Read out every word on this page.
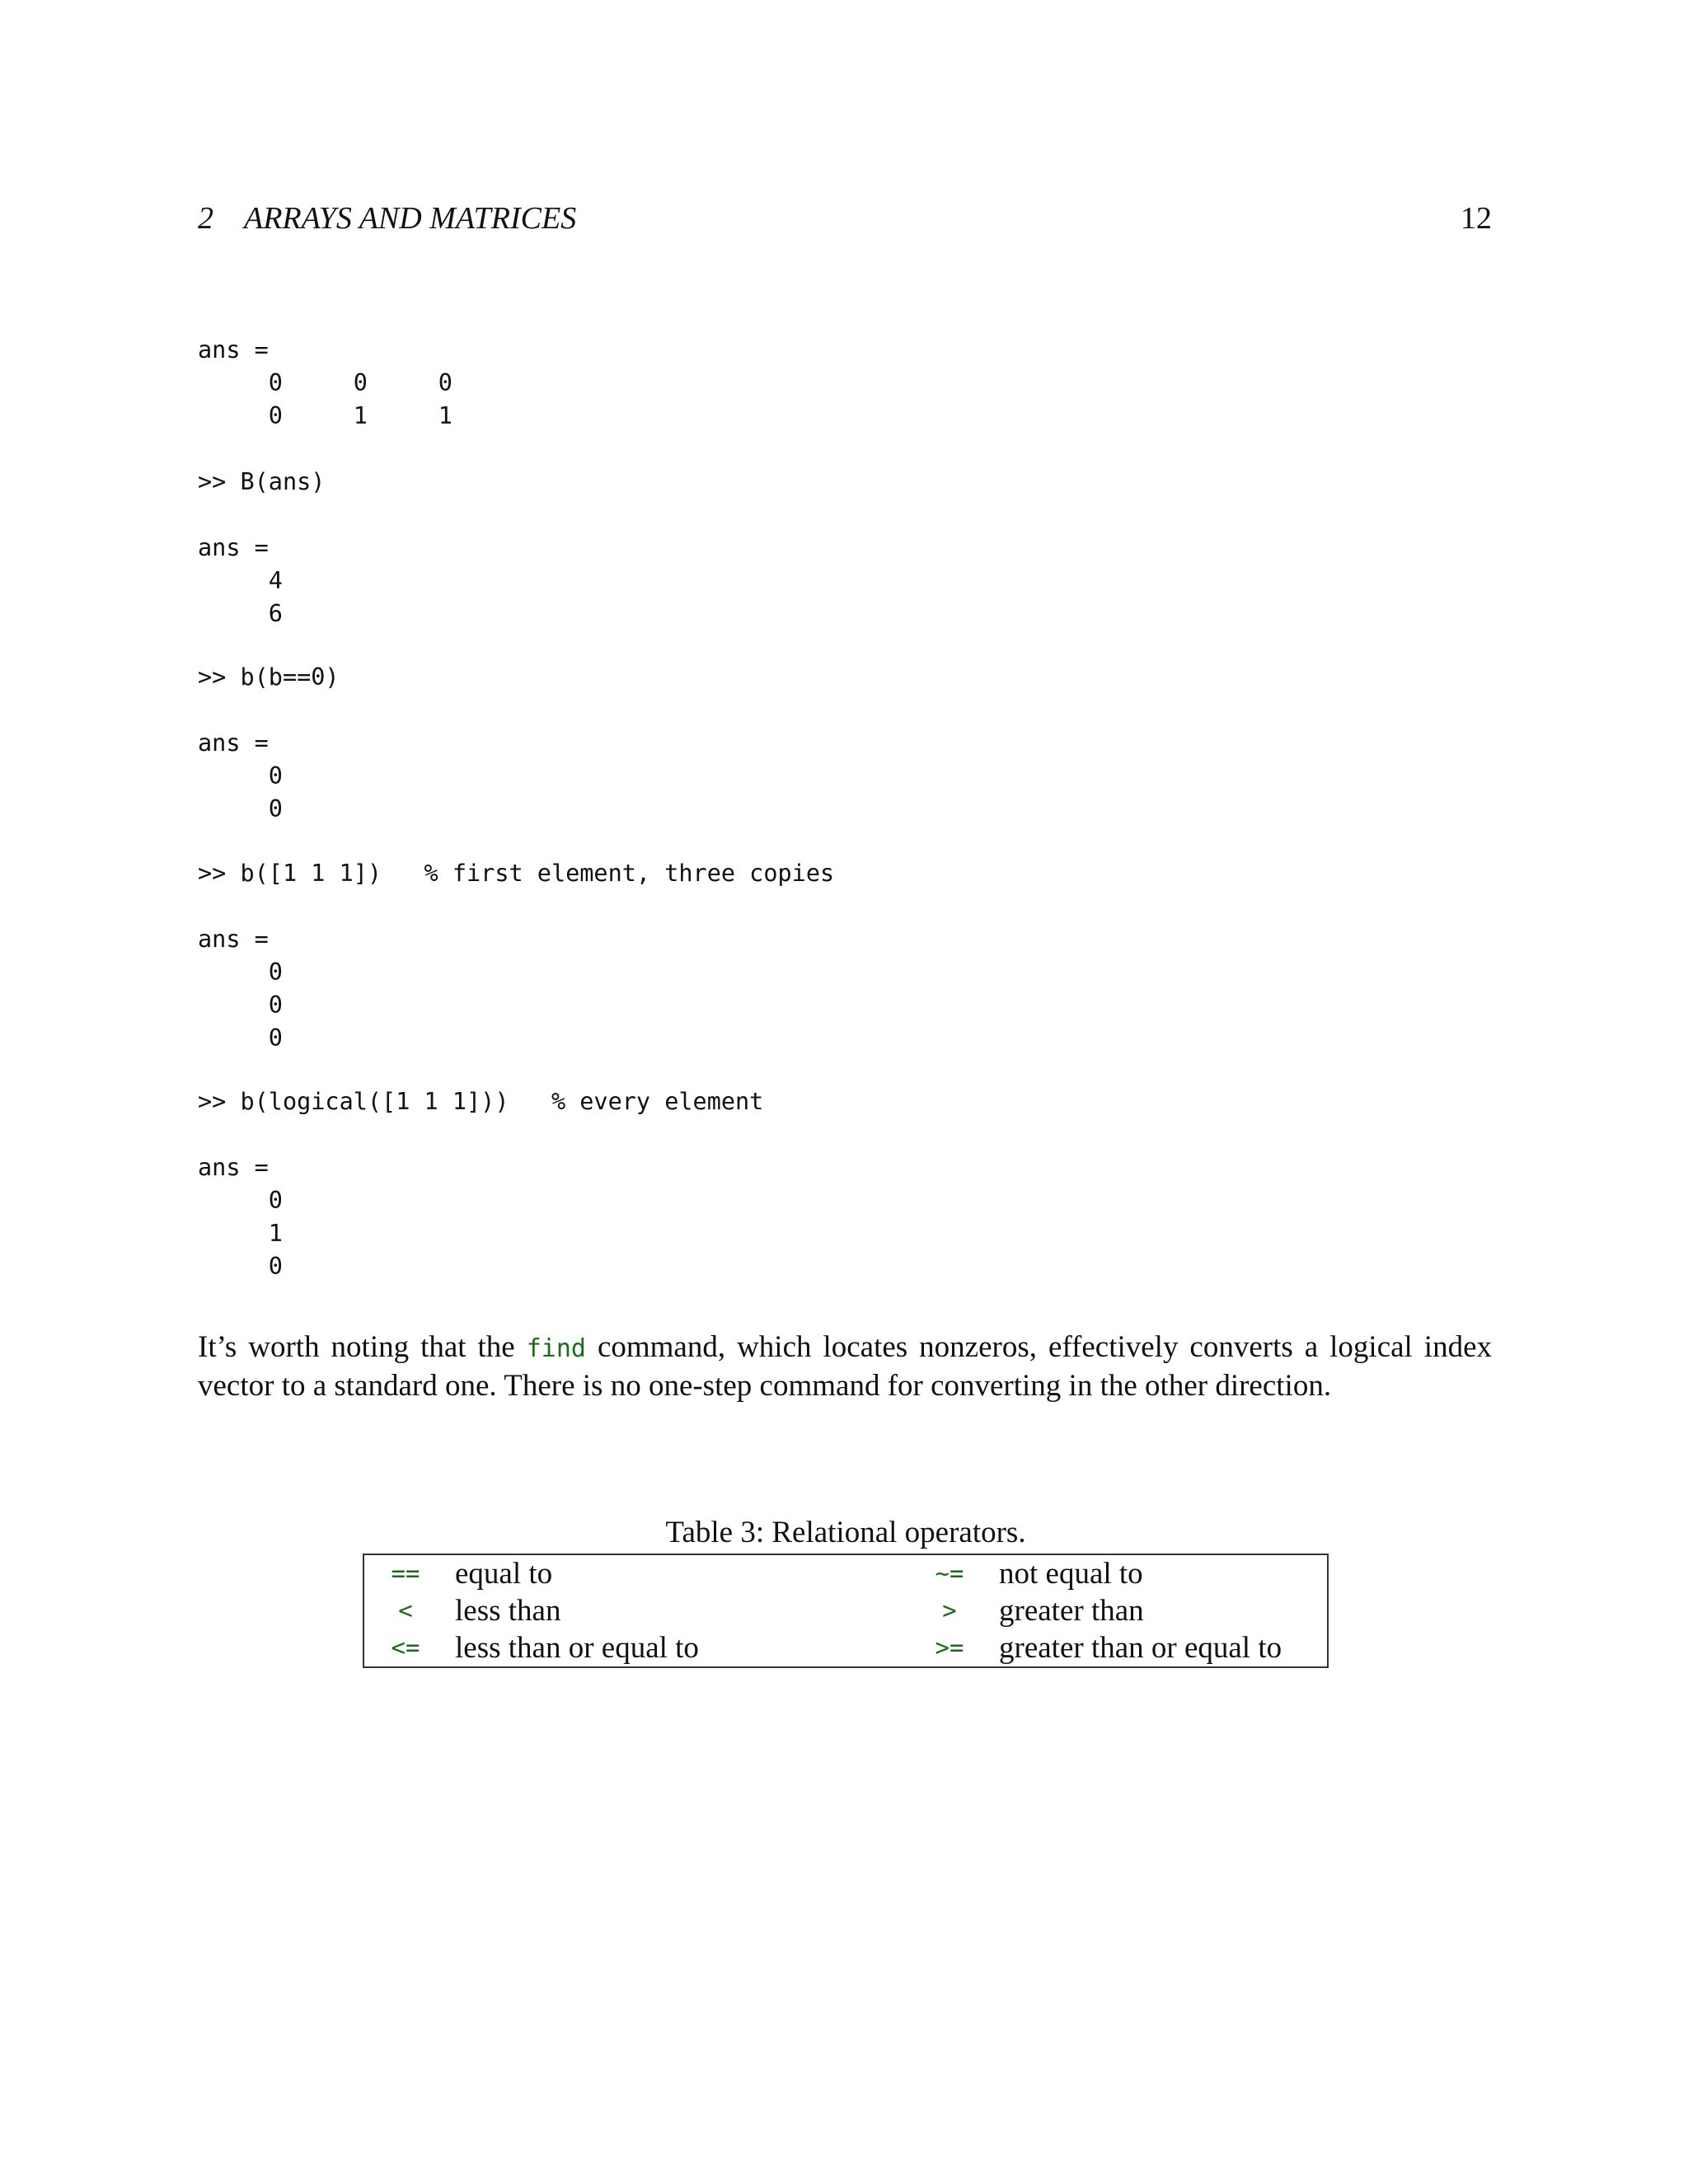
2 ARRAYS AND MATRICES	12
ans =
0     0     0
0     1     1
>> B(ans)
ans =
4
6
>> b(b==0)
ans =
0
0
>> b([1 1 1])   % first element, three copies
ans =
0
0
0
>> b(logical([1 1 1]))   % every element
ans =
0
1
0

It’s worth noting that the find command, which locates nonzeros, effectively converts a logical index vector to a standard one. There is no one-step command for converting in the other direction.

Table 3: Relational operators.
==	equal to	~=	not equal to
<	less than	>	greater than
<=	less than or equal to	>=	greater than or equal to
